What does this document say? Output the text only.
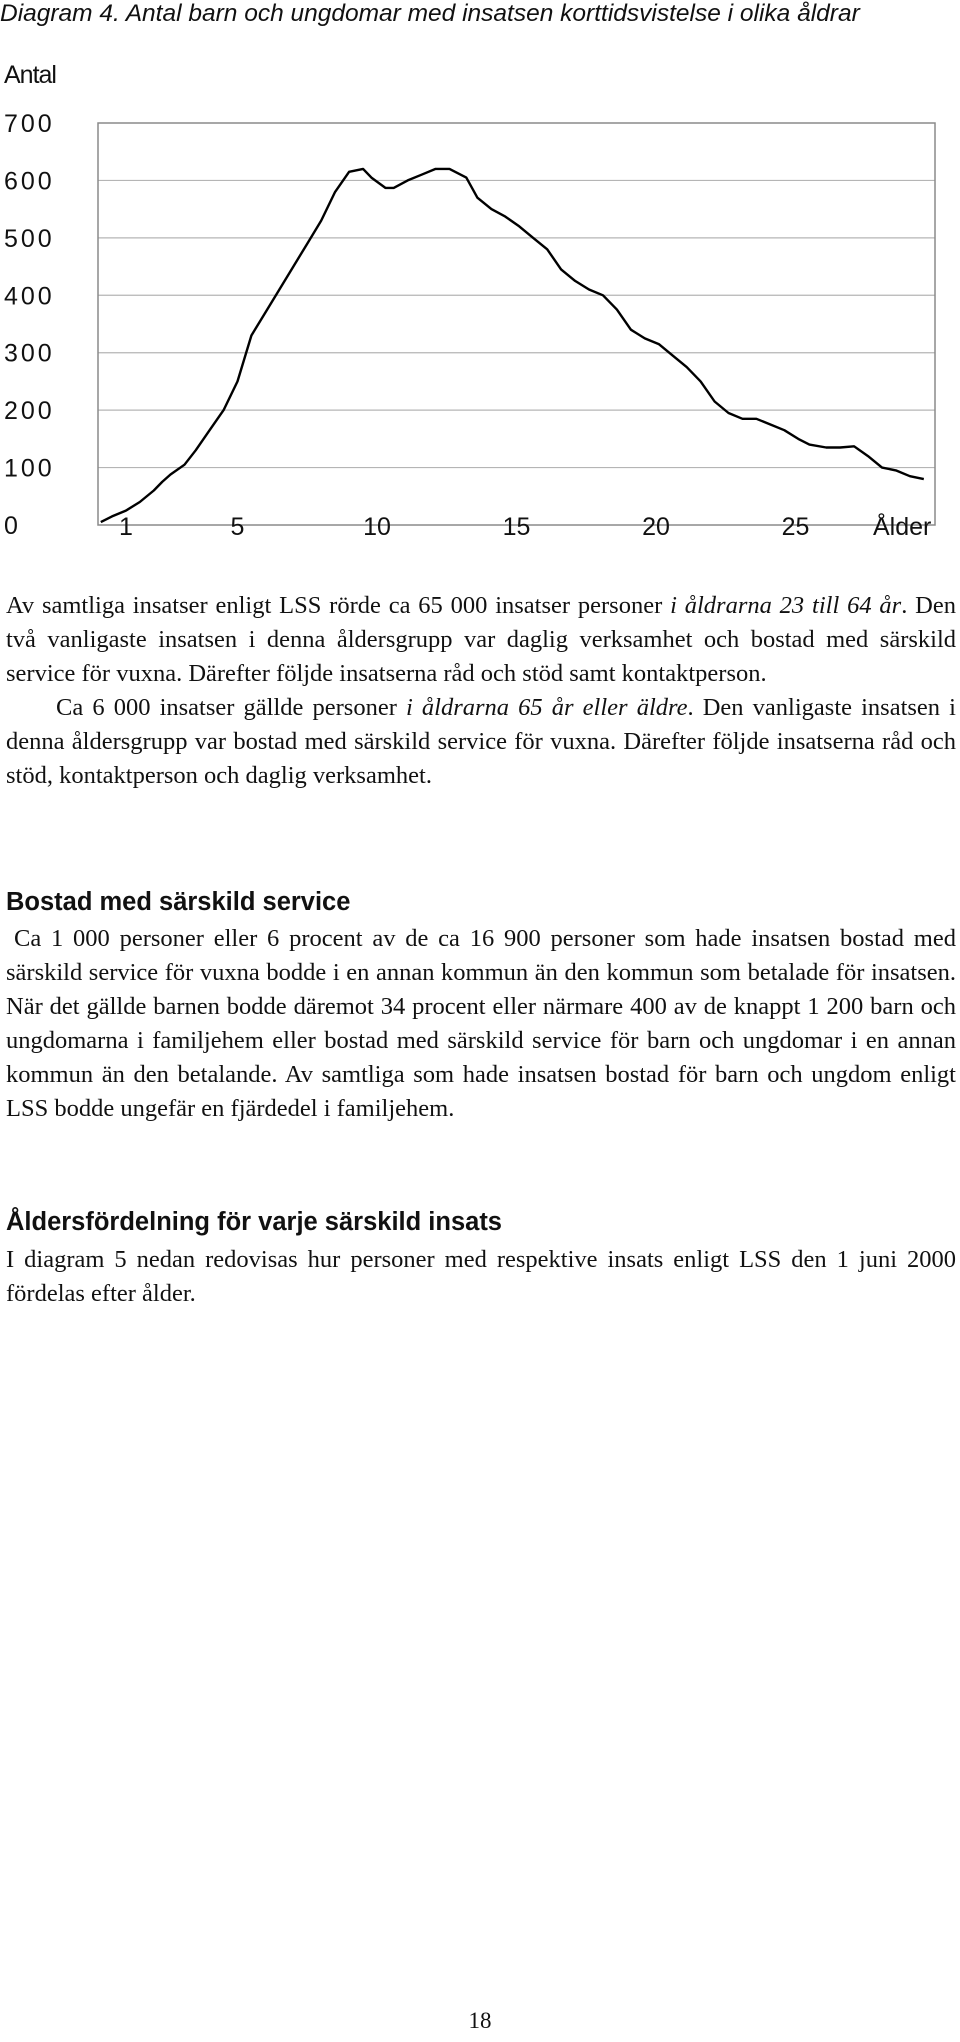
Diagram 4. Antal barn och ungdomar med insatsen korttidsvistelse i olika åldrar
0
100
200
300
400
500
600
700
1	5	10	15	20	25
Antal
Ålder

Av samtliga insatser enligt LSS rörde ca 65 000 insatser personer i åldrarna 23 till 64 år. Den två vanligaste insatsen i denna åldersgrupp var daglig verksamhet och bostad med särskild service för vuxna. Därefter följde insatserna råd och stöd samt kontaktperson.

Ca 6 000 insatser gällde personer i åldrarna 65 år eller äldre. Den vanligaste insatsen i denna åldersgrupp var bostad med särskild service för vuxna. Därefter följde insatserna råd och stöd, kontaktperson och daglig verksamhet.

Bostad med särskild service

Ca 1 000 personer eller 6 procent av de ca 16 900 personer som hade insatsen bostad med särskild service för vuxna bodde i en annan kommun än den kommun som betalade för insatsen. När det gällde barnen bodde däremot 34 procent eller närmare 400 av de knappt 1 200 barn och ungdomarna i familjehem eller bostad med särskild service för barn och ungdomar i en annan kommun än den betalande. Av samtliga som hade insatsen bostad för barn och ungdom enligt LSS bodde ungefär en fjärdedel i familjehem.

Åldersfördelning för varje särskild insats

I diagram 5 nedan redovisas hur personer med respektive insats enligt LSS den 1 juni 2000 fördelas efter ålder.

18
